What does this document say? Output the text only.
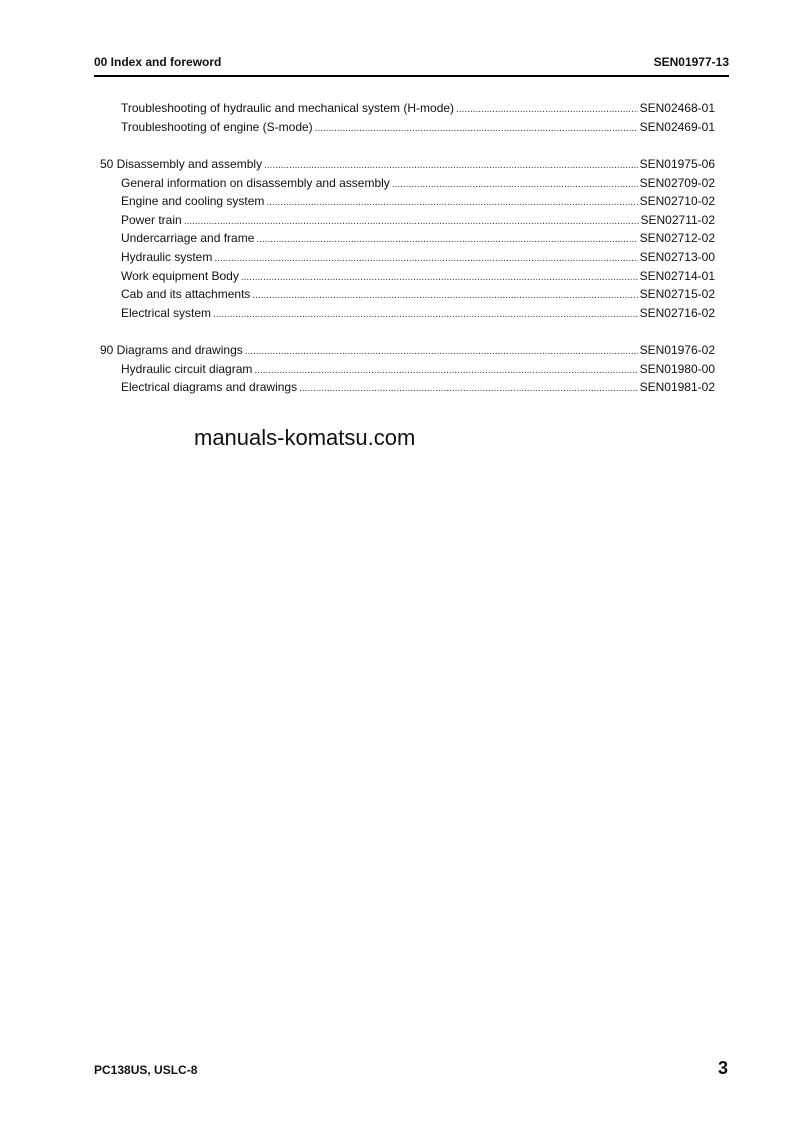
00 Index and foreword	SEN01977-13
Troubleshooting of hydraulic and mechanical system (H-mode) .....	SEN02468-01
Troubleshooting of engine (S-mode) .....	SEN02469-01
50 Disassembly and assembly .....	SEN01975-06
General information on disassembly and assembly .....	SEN02709-02
Engine and cooling system .....	SEN02710-02
Power train .....	SEN02711-02
Undercarriage and frame .....	SEN02712-02
Hydraulic system .....	SEN02713-00
Work equipment Body .....	SEN02714-01
Cab and its attachments .....	SEN02715-02
Electrical system .....	SEN02716-02
90 Diagrams and drawings .....	SEN01976-02
Hydraulic circuit diagram .....	SEN01980-00
Electrical diagrams and drawings .....	SEN01981-02
manuals-komatsu.com
PC138US, USLC-8	3
